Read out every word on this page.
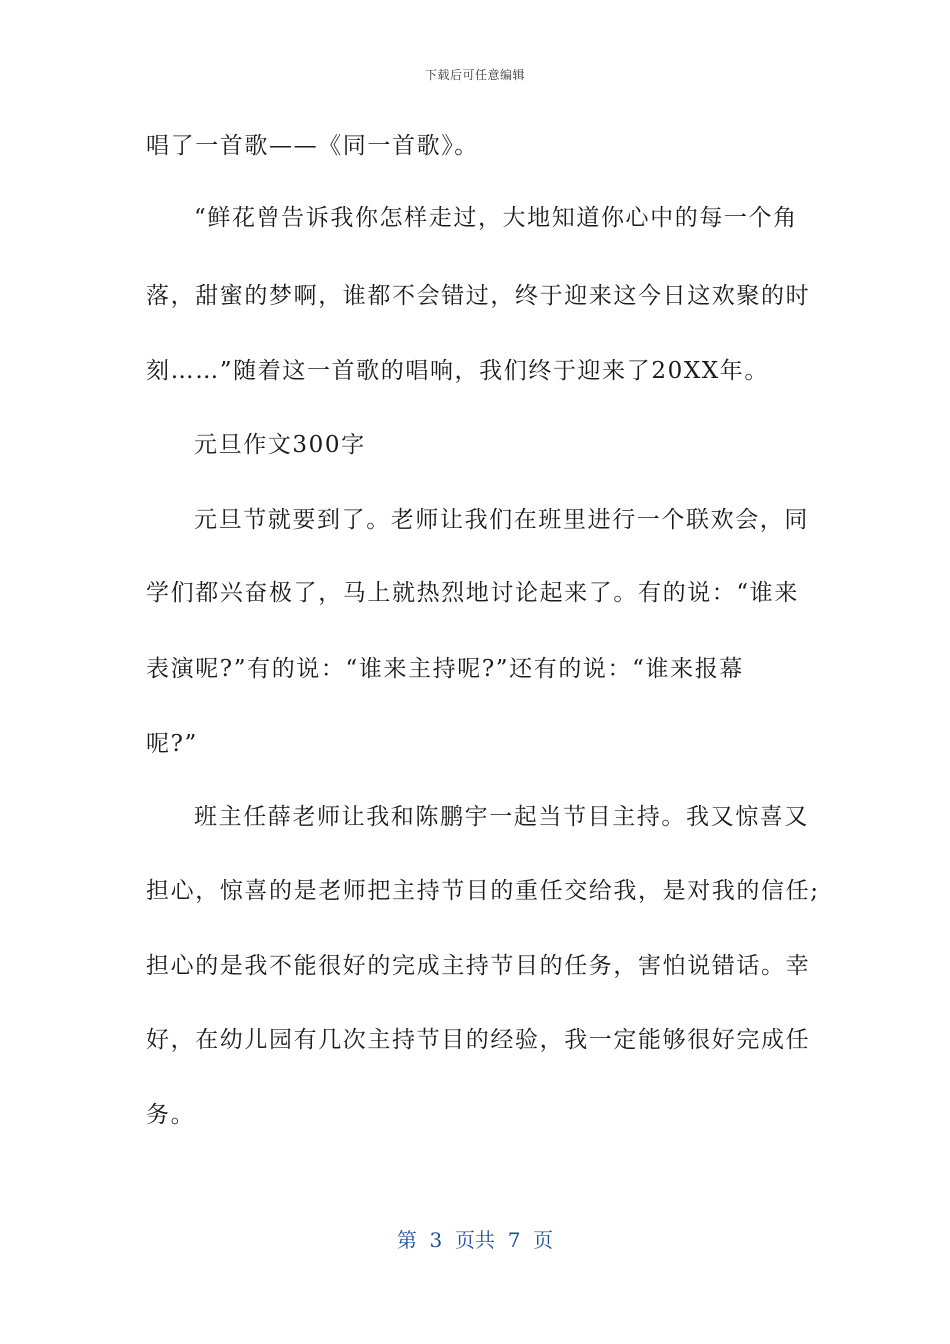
下载后可任意编辑
唱了一首歌——《同一首歌》。
“鲜花曾告诉我你怎样走过，大地知道你心中的每一个角
落，甜蜜的梦啊，谁都不会错过，终于迎来这今日这欢聚的时
刻……”随着这一首歌的唱响，我们终于迎来了20XX年。
元旦作文300字
元旦节就要到了。老师让我们在班里进行一个联欢会，同
学们都兴奋极了，马上就热烈地讨论起来了。有的说：“谁来
表演呢?”有的说：“谁来主持呢?”还有的说：“谁来报幕
呢?”
班主任薛老师让我和陈鹏宇一起当节目主持。我又惊喜又
担心，惊喜的是老师把主持节目的重任交给我，是对我的信任;
担心的是我不能很好的完成主持节目的任务，害怕说错话。幸
好，在幼儿园有几次主持节目的经验，我一定能够很好完成任
务。
第  3  页共  7  页
